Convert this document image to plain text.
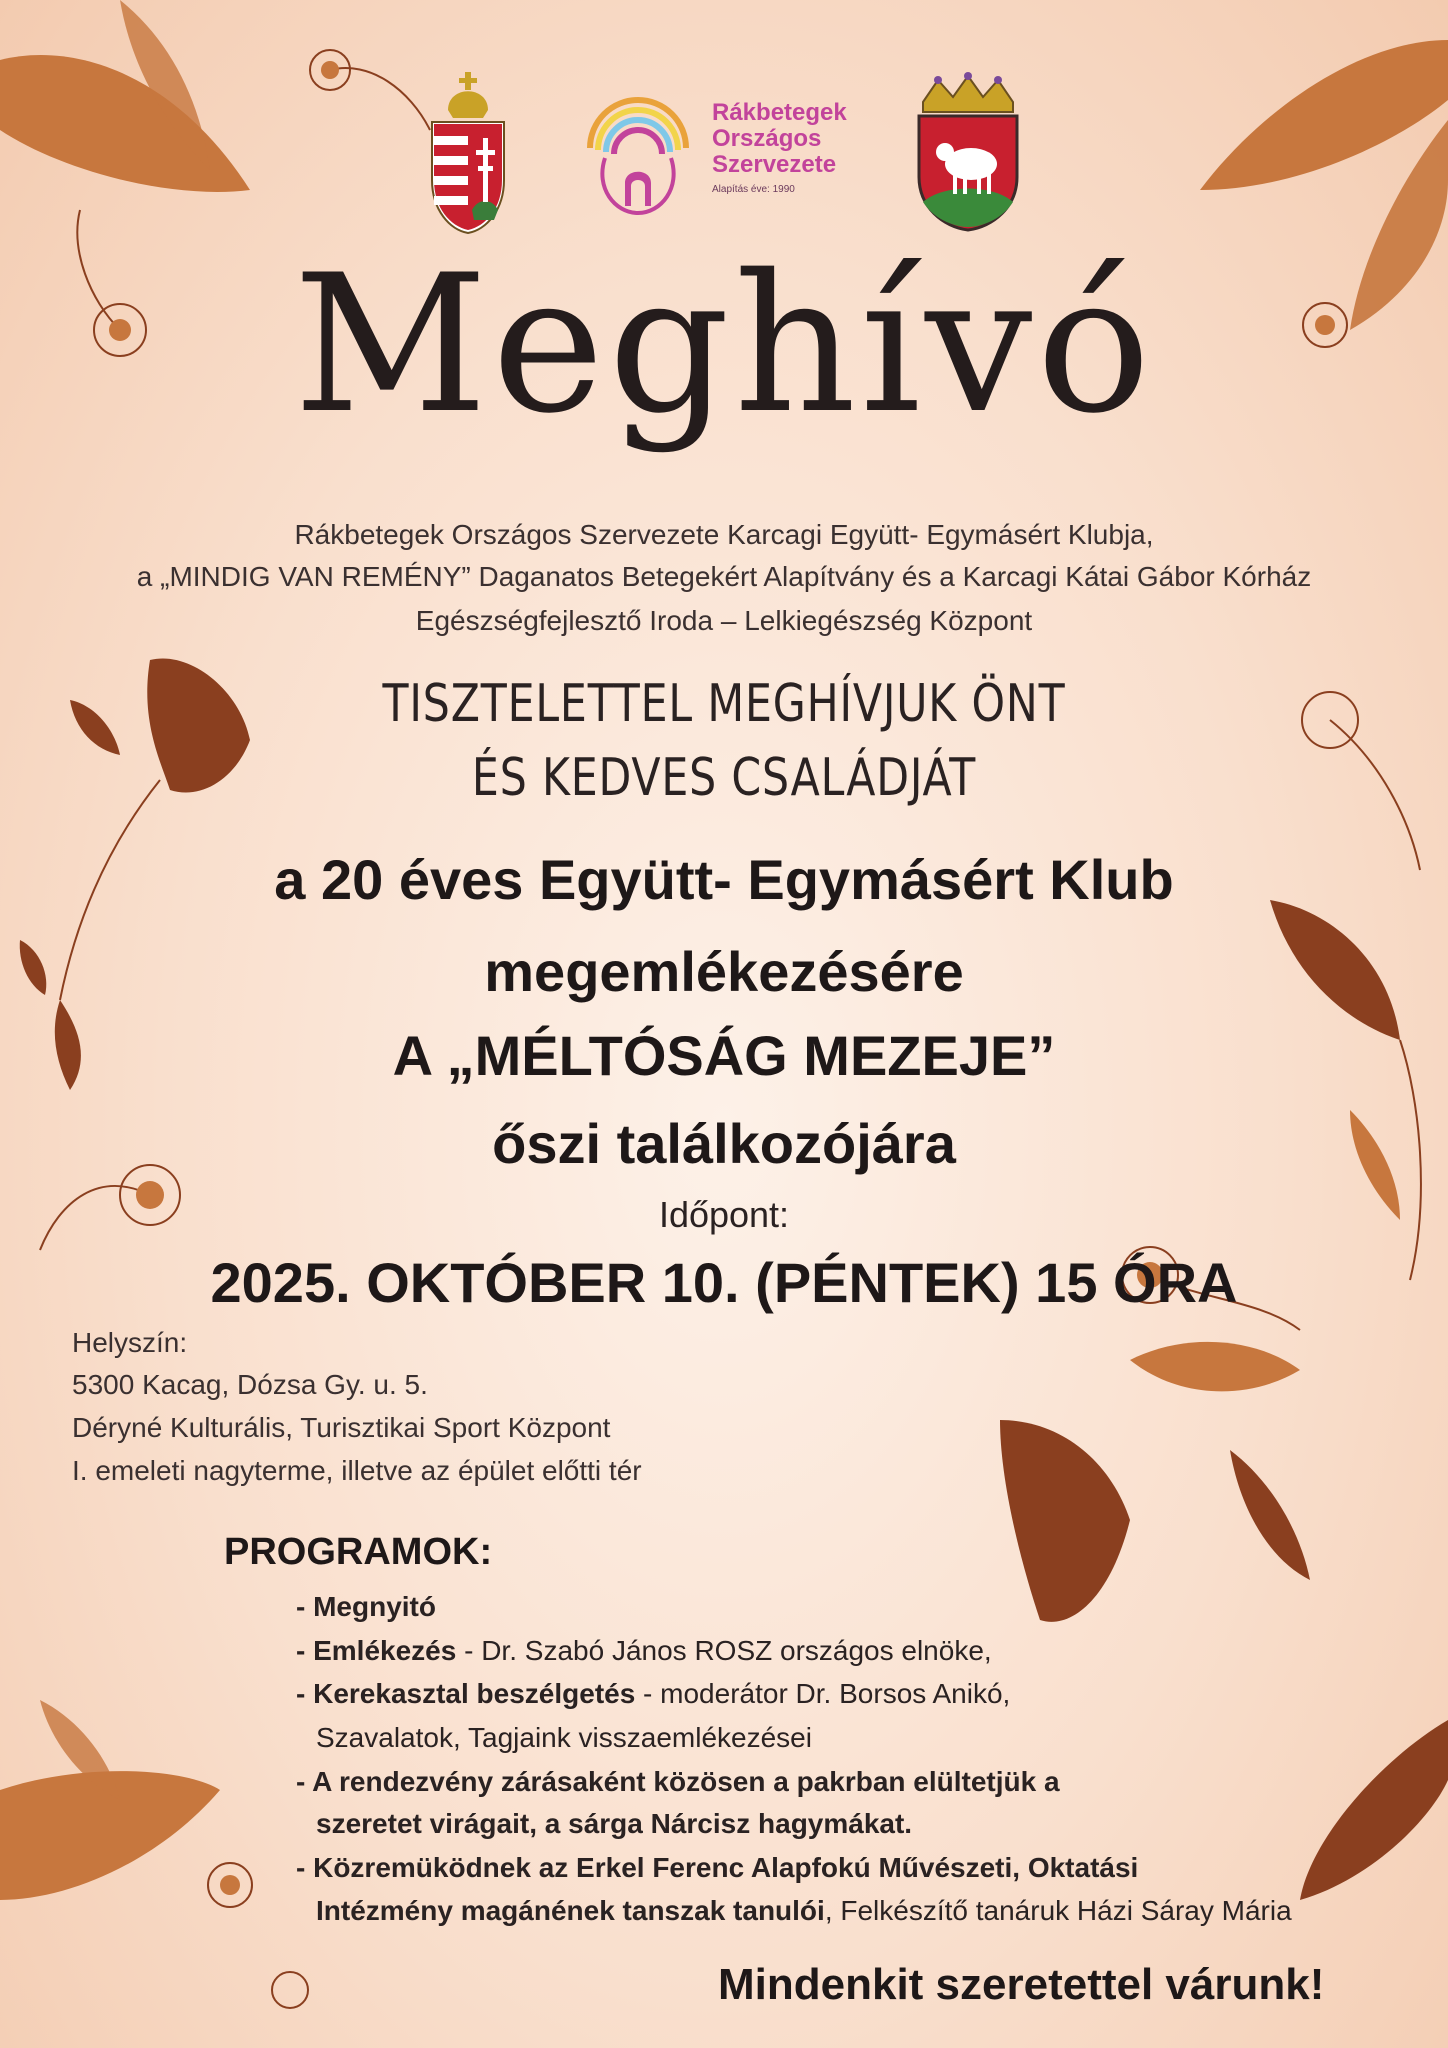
Rákbetegek
Országos
Szervezete
Alapítás éve: 1990
Meghívó
Rákbetegek Országos Szervezete Karcagi Együtt- Egymásért Klubja,
a „MINDIG VAN REMÉNY” Daganatos Betegekért Alapítvány és a Karcagi Kátai Gábor Kórház
Egészségfejlesztő Iroda – Lelkiegészség Központ
TISZTELETTEL MEGHÍVJUK ÖNT
ÉS KEDVES CSALÁDJÁT
a 20 éves Együtt- Egymásért Klub
megemlékezésére
A „MÉLTÓSÁG MEZEJE”
őszi találkozójára
Időpont:
2025. OKTÓBER 10. (PÉNTEK) 15 ÓRA
Helyszín:
5300 Kacag, Dózsa Gy. u. 5.
Déryné Kulturális, Turisztikai Sport Központ
I. emeleti nagyterme, illetve az épület előtti tér
PROGRAMOK:
- Megnyitó
- Emlékezés - Dr. Szabó János ROSZ országos elnöke,
- Kerekasztal beszélgetés - moderátor Dr. Borsos Anikó,
Szavalatok, Tagjaink visszaemlékezései
- A rendezvény zárásaként közösen a pakrban elültetjük a
szeretet virágait, a sárga Nárcisz hagymákat.
- Közremüködnek az Erkel Ferenc Alapfokú Művészeti, Oktatási
Intézmény magánének tanszak tanulói, Felkészítő tanáruk Házi Sáray Mária
Mindenkit szeretettel várunk!
